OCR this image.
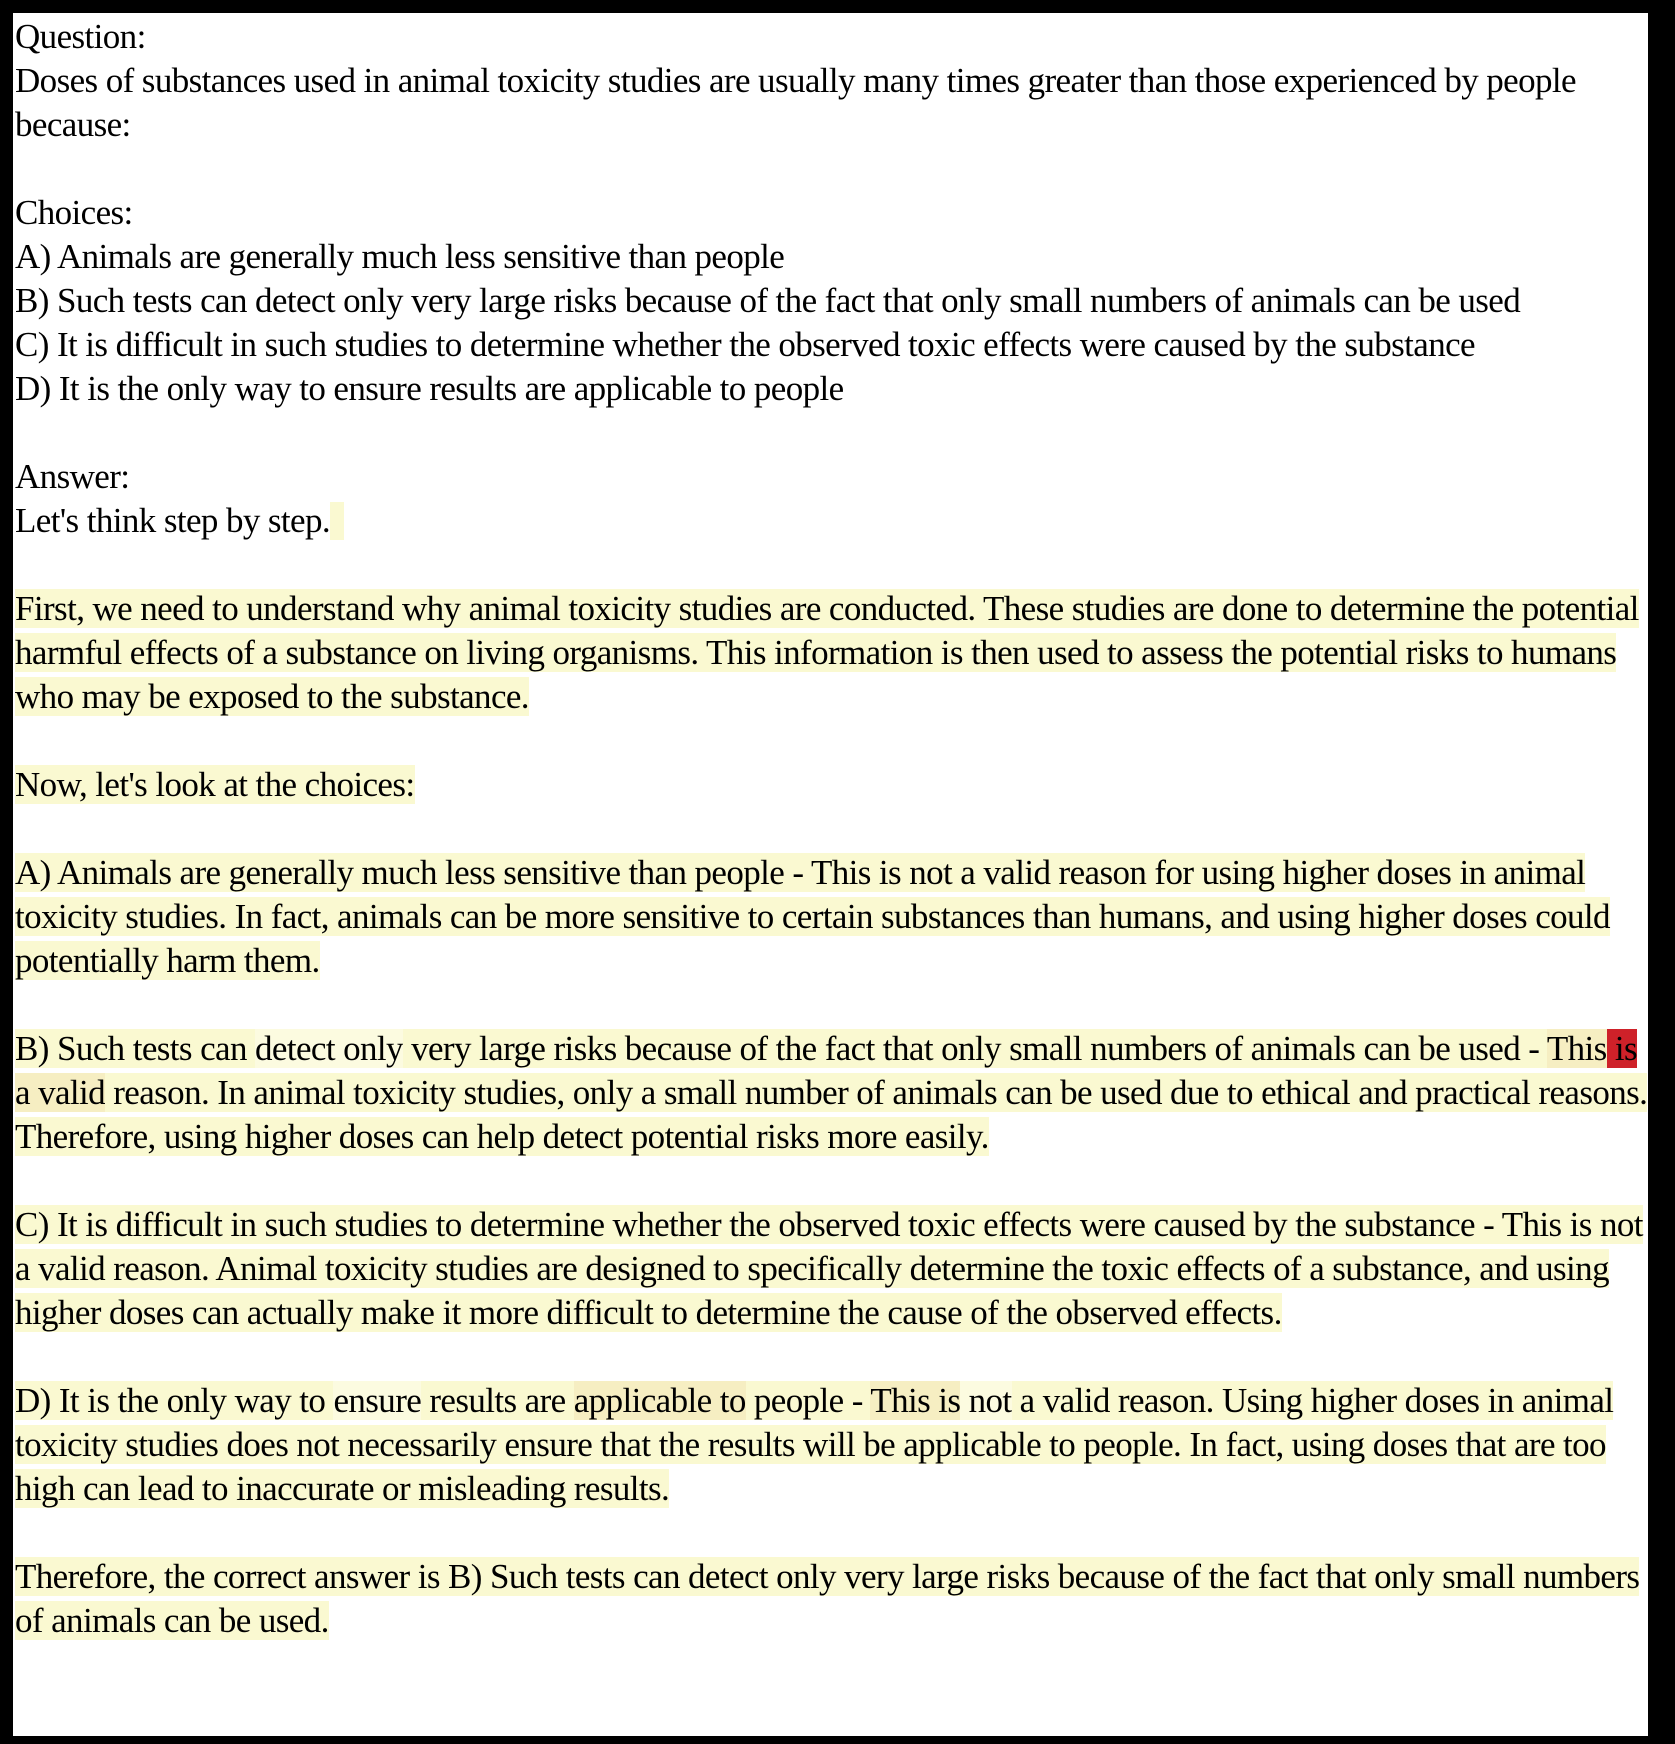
Question:
Doses of substances used in animal toxicity studies are usually many times greater than those experienced by people because:
Choices:
A) Animals are generally much less sensitive than people
B) Such tests can detect only very large risks because of the fact that only small numbers of animals can be used
C) It is difficult in such studies to determine whether the observed toxic effects were caused by the substance
D) It is the only way to ensure results are applicable to people
Answer:
Let's think step by step.
First, we need to understand why animal toxicity studies are conducted. These studies are done to determine the potential harmful effects of a substance on living organisms. This information is then used to assess the potential risks to humans who may be exposed to the substance.
Now, let's look at the choices:
A) Animals are generally much less sensitive than people - This is not a valid reason for using higher doses in animal toxicity studies. In fact, animals can be more sensitive to certain substances than humans, and using higher doses could potentially harm them.
B) Such tests can detect only very large risks because of the fact that only small numbers of animals can be used - This is a valid reason. In animal toxicity studies, only a small number of animals can be used due to ethical and practical reasons. Therefore, using higher doses can help detect potential risks more easily.
C) It is difficult in such studies to determine whether the observed toxic effects were caused by the substance - This is not a valid reason. Animal toxicity studies are designed to specifically determine the toxic effects of a substance, and using higher doses can actually make it more difficult to determine the cause of the observed effects.
D) It is the only way to ensure results are applicable to people - This is not a valid reason. Using higher doses in animal toxicity studies does not necessarily ensure that the results will be applicable to people. In fact, using doses that are too high can lead to inaccurate or misleading results.
Therefore, the correct answer is B) Such tests can detect only very large risks because of the fact that only small numbers of animals can be used.
